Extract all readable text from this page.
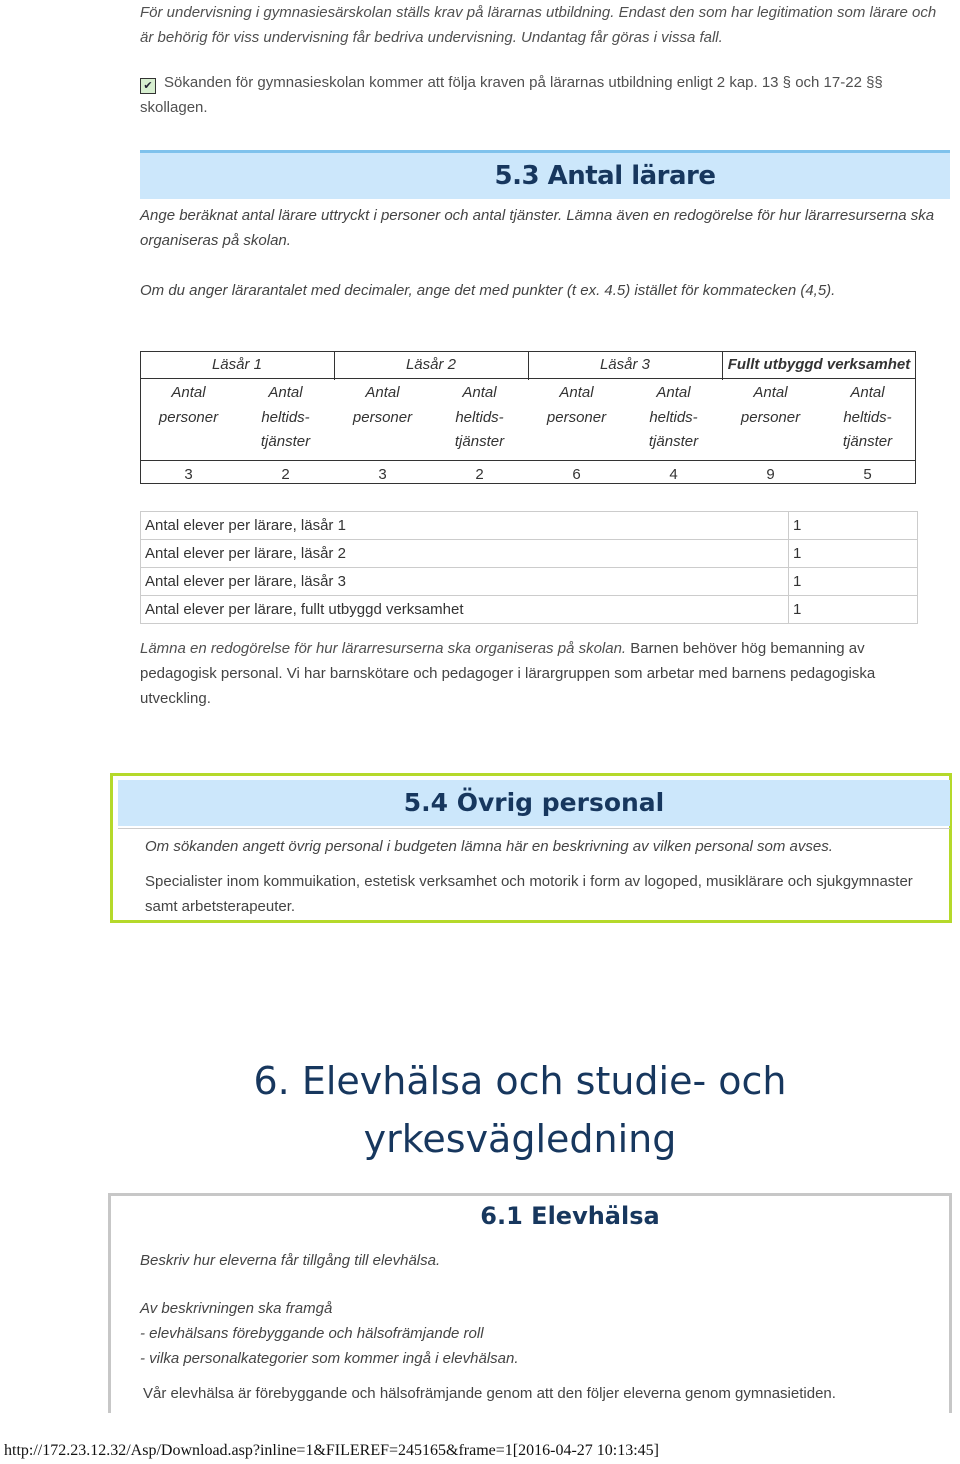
För undervisning i gymnasiesärskolan ställs krav på lärarnas utbildning. Endast den som har legitimation som lärare och är behörig för viss undervisning får bedriva undervisning. Undantag får göras i vissa fall.

✔ Sökanden för gymnasieskolan kommer att följa kraven på lärarnas utbildning enligt 2 kap. 13 § och 17-22 §§ skollagen.

5.3 Antal lärare

Ange beräknat antal lärare uttryckt i personer och antal tjänster. Lämna även en redogörelse för hur lärarresurserna ska organiseras på skolan.

Om du anger lärarantalet med decimaler, ange det med punkter (t ex. 4.5) istället för kommatecken (4,5).

Läsår 1		Läsår 2		Läsår 3		Fullt utbyggd verksamhet	
Antal personer	Antal heltids-tjänster	Antal personer	Antal heltids-tjänster	Antal personer	Antal heltids-tjänster	Antal personer	Antal heltids-tjänster
3	2	3	2	6	4	9	5
Antal elever per lärare, läsår 1	1
Antal elever per lärare, läsår 2	1
Antal elever per lärare, läsår 3	1
Antal elever per lärare, fullt utbyggd verksamhet	1

Lämna en redogörelse för hur lärarresurserna ska organiseras på skolan. Barnen behöver hög bemanning av pedagogisk personal. Vi har barnskötare och pedagoger i lärargruppen som arbetar med barnens pedagogiska utveckling.

5.4 Övrig personal

Om sökanden angett övrig personal i budgeten lämna här en beskrivning av vilken personal som avses.

Specialister inom kommuikation, estetisk verksamhet och motorik i form av logoped, musiklärare och sjukgymnaster samt arbetsterapeuter.

6. Elevhälsa och studie- och yrkesvägledning
6.1 Elevhälsa

Beskriv hur eleverna får tillgång till elevhälsa.

Av beskrivningen ska framgå

- elevhälsans förebyggande och hälsofrämjande roll

- vilka personalkategorier som kommer ingå i elevhälsan.

Vår elevhälsa är förebyggande och hälsofrämjande genom att den följer eleverna genom gymnasietiden.

http://172.23.12.32/Asp/Download.asp?inline=1&FILEREF=245165&frame=1[2016-04-27 10:13:45]
